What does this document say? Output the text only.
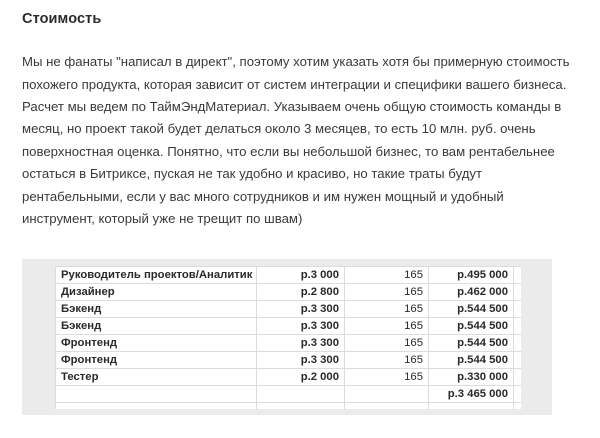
Стоимость

Мы не фанаты "написал в директ", поэтому хотим указать хотя бы примерную стоимость похожего продукта, которая зависит от систем интеграции и специфики вашего бизнеса. Расчет мы ведем по ТаймЭндМатериал. Указываем очень общую стоимость команды в месяц, но проект такой будет делаться около 3 месяцев, то есть 10 млн. руб. очень поверхностная оценка. Понятно, что если вы небольшой бизнес, то вам рентабельнее остаться в Битриксе, пуская не так удобно и красиво, но такие траты будут рентабельными, если у вас много сотрудников и им нужен мощный и удобный инструмент, который уже не трещит по швам)

Руководитель проектов/Аналитик	p.3 000	165	p.495 000	
Дизайнер	p.2 800	165	p.462 000	
Бэкенд	p.3 300	165	p.544 500	
Бэкенд	p.3 300	165	p.544 500	
Фронтенд	p.3 300	165	p.544 500	
Фронтенд	p.3 300	165	p.544 500	
Тестер	p.2 000	165	p.330 000	
			p.3 465 000	
